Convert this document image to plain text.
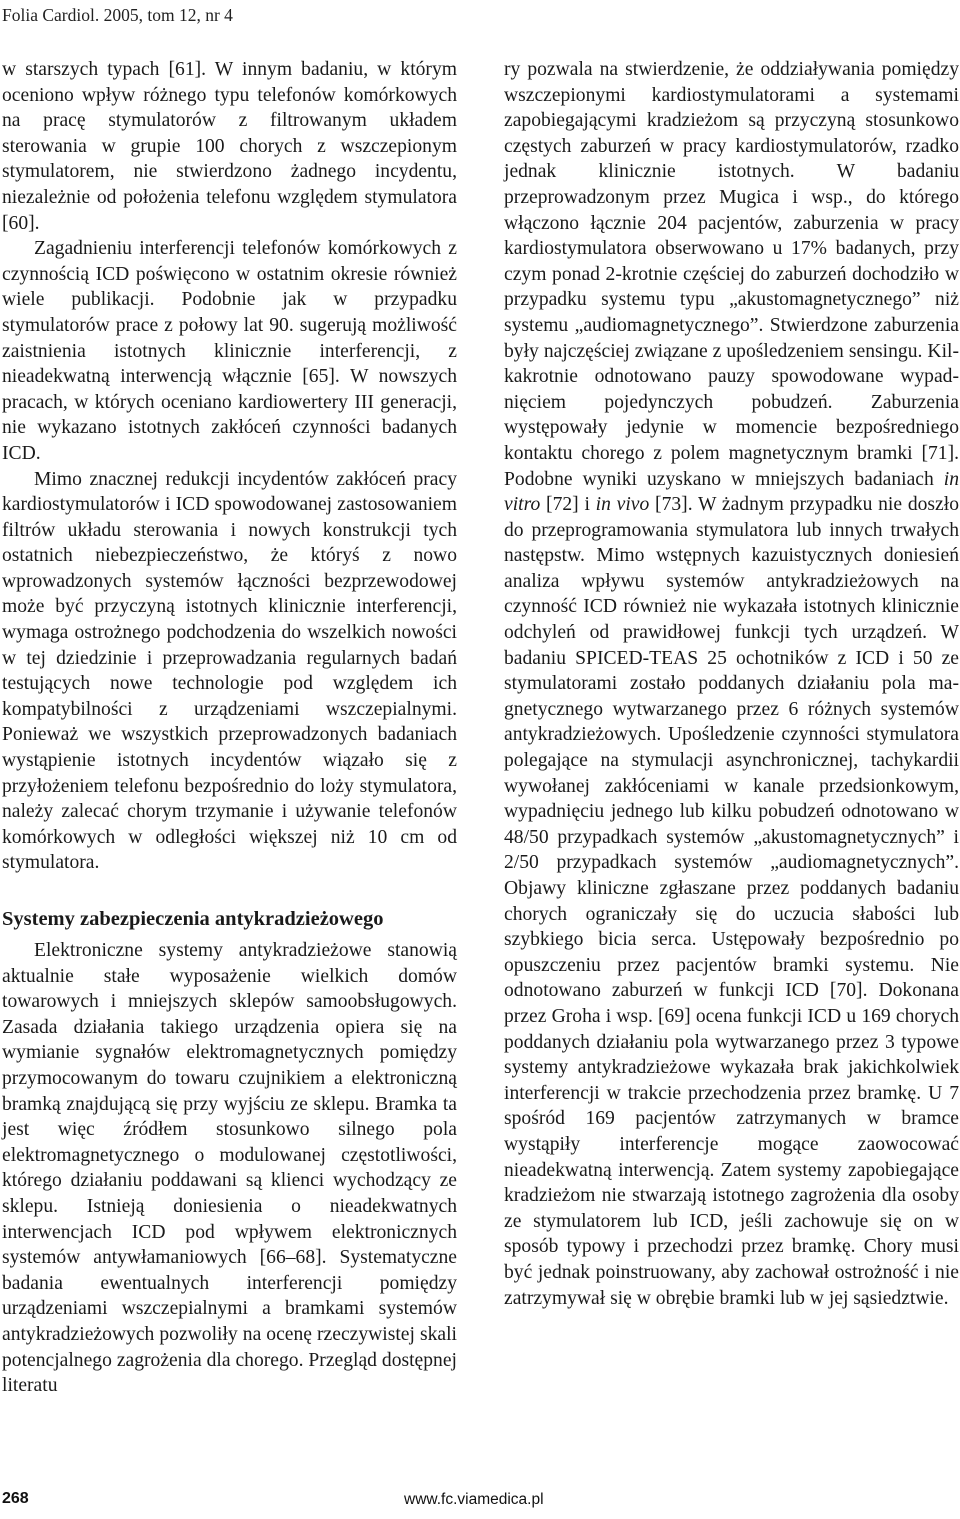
Folia Cardiol. 2005, tom 12, nr 4

w starszych typach [61]. W innym badaniu, w którym oceniono wpływ różnego typu telefonów komórkowych na pracę stymulatorów z filtrowanym układem sterowania w grupie 100 chorych z wszczepionym stymulatorem, nie stwierdzono żadnego incydentu, niezależnie od położenia telefonu względem stymulatora [60].

Zagadnieniu interferencji telefonów komórkowych z czynnością ICD poświęcono w ostatnim okresie również wiele publikacji. Podobnie jak w przypadku stymulatorów prace z połowy lat 90. sugerują możliwość zaistnienia istotnych klinicznie interferencji, z nieadekwatną interwencją włącznie [65]. W nowszych pracach, w których oceniano kardiowertery III generacji, nie wykazano istotnych zakłóceń czynności badanych ICD.

Mimo znacznej redukcji incydentów zakłóceń pracy kardiostymulatorów i ICD spowodowanej zastosowaniem filtrów układu sterowania i nowych konstrukcji tych ostatnich niebezpieczeństwo, że któryś z nowo wprowadzonych systemów łączności bezprzewodowej może być przyczyną istotnych klinicznie interferencji, wymaga ostrożnego podchodzenia do wszelkich nowości w tej dziedzinie i przeprowadzania regularnych badań testujących nowe technologie pod względem ich kompatybilności z urządzeniami wszczepialnymi. Ponieważ we wszystkich przeprowadzonych badaniach wystąpienie istotnych incydentów wiązało się z przyłożeniem telefonu bezpośrednio do loży stymulatora, należy zalecać chorym trzymanie i używanie telefonów komórkowych w odległości większej niż 10 cm od stymulatora.

Systemy zabezpieczenia antykradzieżowego

Elektroniczne systemy antykradzieżowe stanowią aktualnie stałe wyposażenie wielkich domów towarowych i mniejszych sklepów samoobsługowych. Zasada działania takiego urządzenia opiera się na wymianie sygnałów elektromagnetycznych pomiędzy przymocowanym do towaru czujnikiem a elektroniczną bramką znajdującą się przy wyjściu ze sklepu. Bramka ta jest więc źródłem stosunkowo silnego pola elektromagnetycznego o modulowanej częstotliwości, którego działaniu poddawani są klienci wychodzący ze sklepu. Istnieją doniesienia o nieadekwatnych interwencjach ICD pod wpływem elektronicznych systemów antywłamaniowych [66–68]. Systematyczne badania ewentualnych interferencji pomiędzy urządzeniami wszczepialnymi a bramkami systemów antykradzieżowych pozwoliły na ocenę rzeczywistej skali potencjalnego zagrożenia dla chorego. Przegląd dostępnej literatu

ry pozwala na stwierdzenie, że oddziaływania pomiędzy wszczepionymi kardiostymulatorami a systemami zapobiegającymi kradzieżom są przyczyną stosunkowo częstych zaburzeń w pracy kardiostymulatorów, rzadko jednak klinicznie istotnych. W badaniu przeprowadzonym przez Mugica i wsp., do którego włączono łącznie 204 pacjentów, zaburzenia w pracy kardiostymulatora obserwowano u 17% badanych, przy czym ponad 2-krotnie częściej do zaburzeń dochodziło w przypadku systemu typu „akustomagnetycznego” niż systemu „audiomagnetycznego”. Stwierdzone zaburzenia były najczęściej związane z upośledzeniem sensingu. Kilkakrotnie odnotowano pauzy spowodowane wypadnięciem pojedynczych pobudzeń. Zaburzenia występowały jedynie w momencie bezpośredniego kontaktu chorego z polem magnetycznym bramki [71]. Podobne wyniki uzyskano w mniejszych badaniach in vitro [72] i in vivo [73]. W żadnym przypadku nie doszło do przeprogramowania stymulatora lub innych trwałych następstw. Mimo wstępnych kazuistycznych doniesień analiza wpływu systemów antykradzieżowych na czynność ICD również nie wykazała istotnych klinicznie odchyleń od prawidłowej funkcji tych urządzeń. W badaniu SPICED-TEAS 25 ochotników z ICD i 50 ze stymulatorami zostało poddanych działaniu pola magnetycznego wytwarzanego przez 6 różnych systemów antykradzieżowych. Upośledzenie czynności stymulatora polegające na stymulacji asynchronicznej, tachykardii wywołanej zakłóceniami w kanale przedsionkowym, wypadnięciu jednego lub kilku pobudzeń odnotowano w 48/50 przypadkach systemów „akustomagnetycznych” i 2/50 przypadkach systemów „audiomagnetycznych”. Objawy kliniczne zgłaszane przez poddanych badaniu chorych ograniczały się do uczucia słabości lub szybkiego bicia serca. Ustępowały bezpośrednio po opuszczeniu przez pacjentów bramki systemu. Nie odnotowano zaburzeń w funkcji ICD [70]. Dokonana przez Groha i wsp. [69] ocena funkcji ICD u 169 chorych poddanych działaniu pola wytwarzanego przez 3 typowe systemy antykradzieżowe wykazała brak jakichkolwiek interferencji w trakcie przechodzenia przez bramkę. U 7 spośród 169 pacjentów zatrzymanych w bramce wystąpiły interferencje mogące zaowocować nieadekwatną interwencją. Zatem systemy zapobiegające kradzieżom nie stwarzają istotnego zagrożenia dla osoby ze stymulatorem lub ICD, jeśli zachowuje się on w sposób typowy i przechodzi przez bramkę. Chory musi być jednak poinstruowany, aby zachował ostrożność i nie zatrzymywał się w obrębie bramki lub w jej sąsiedztwie.

268	www.fc.viamedica.pl
